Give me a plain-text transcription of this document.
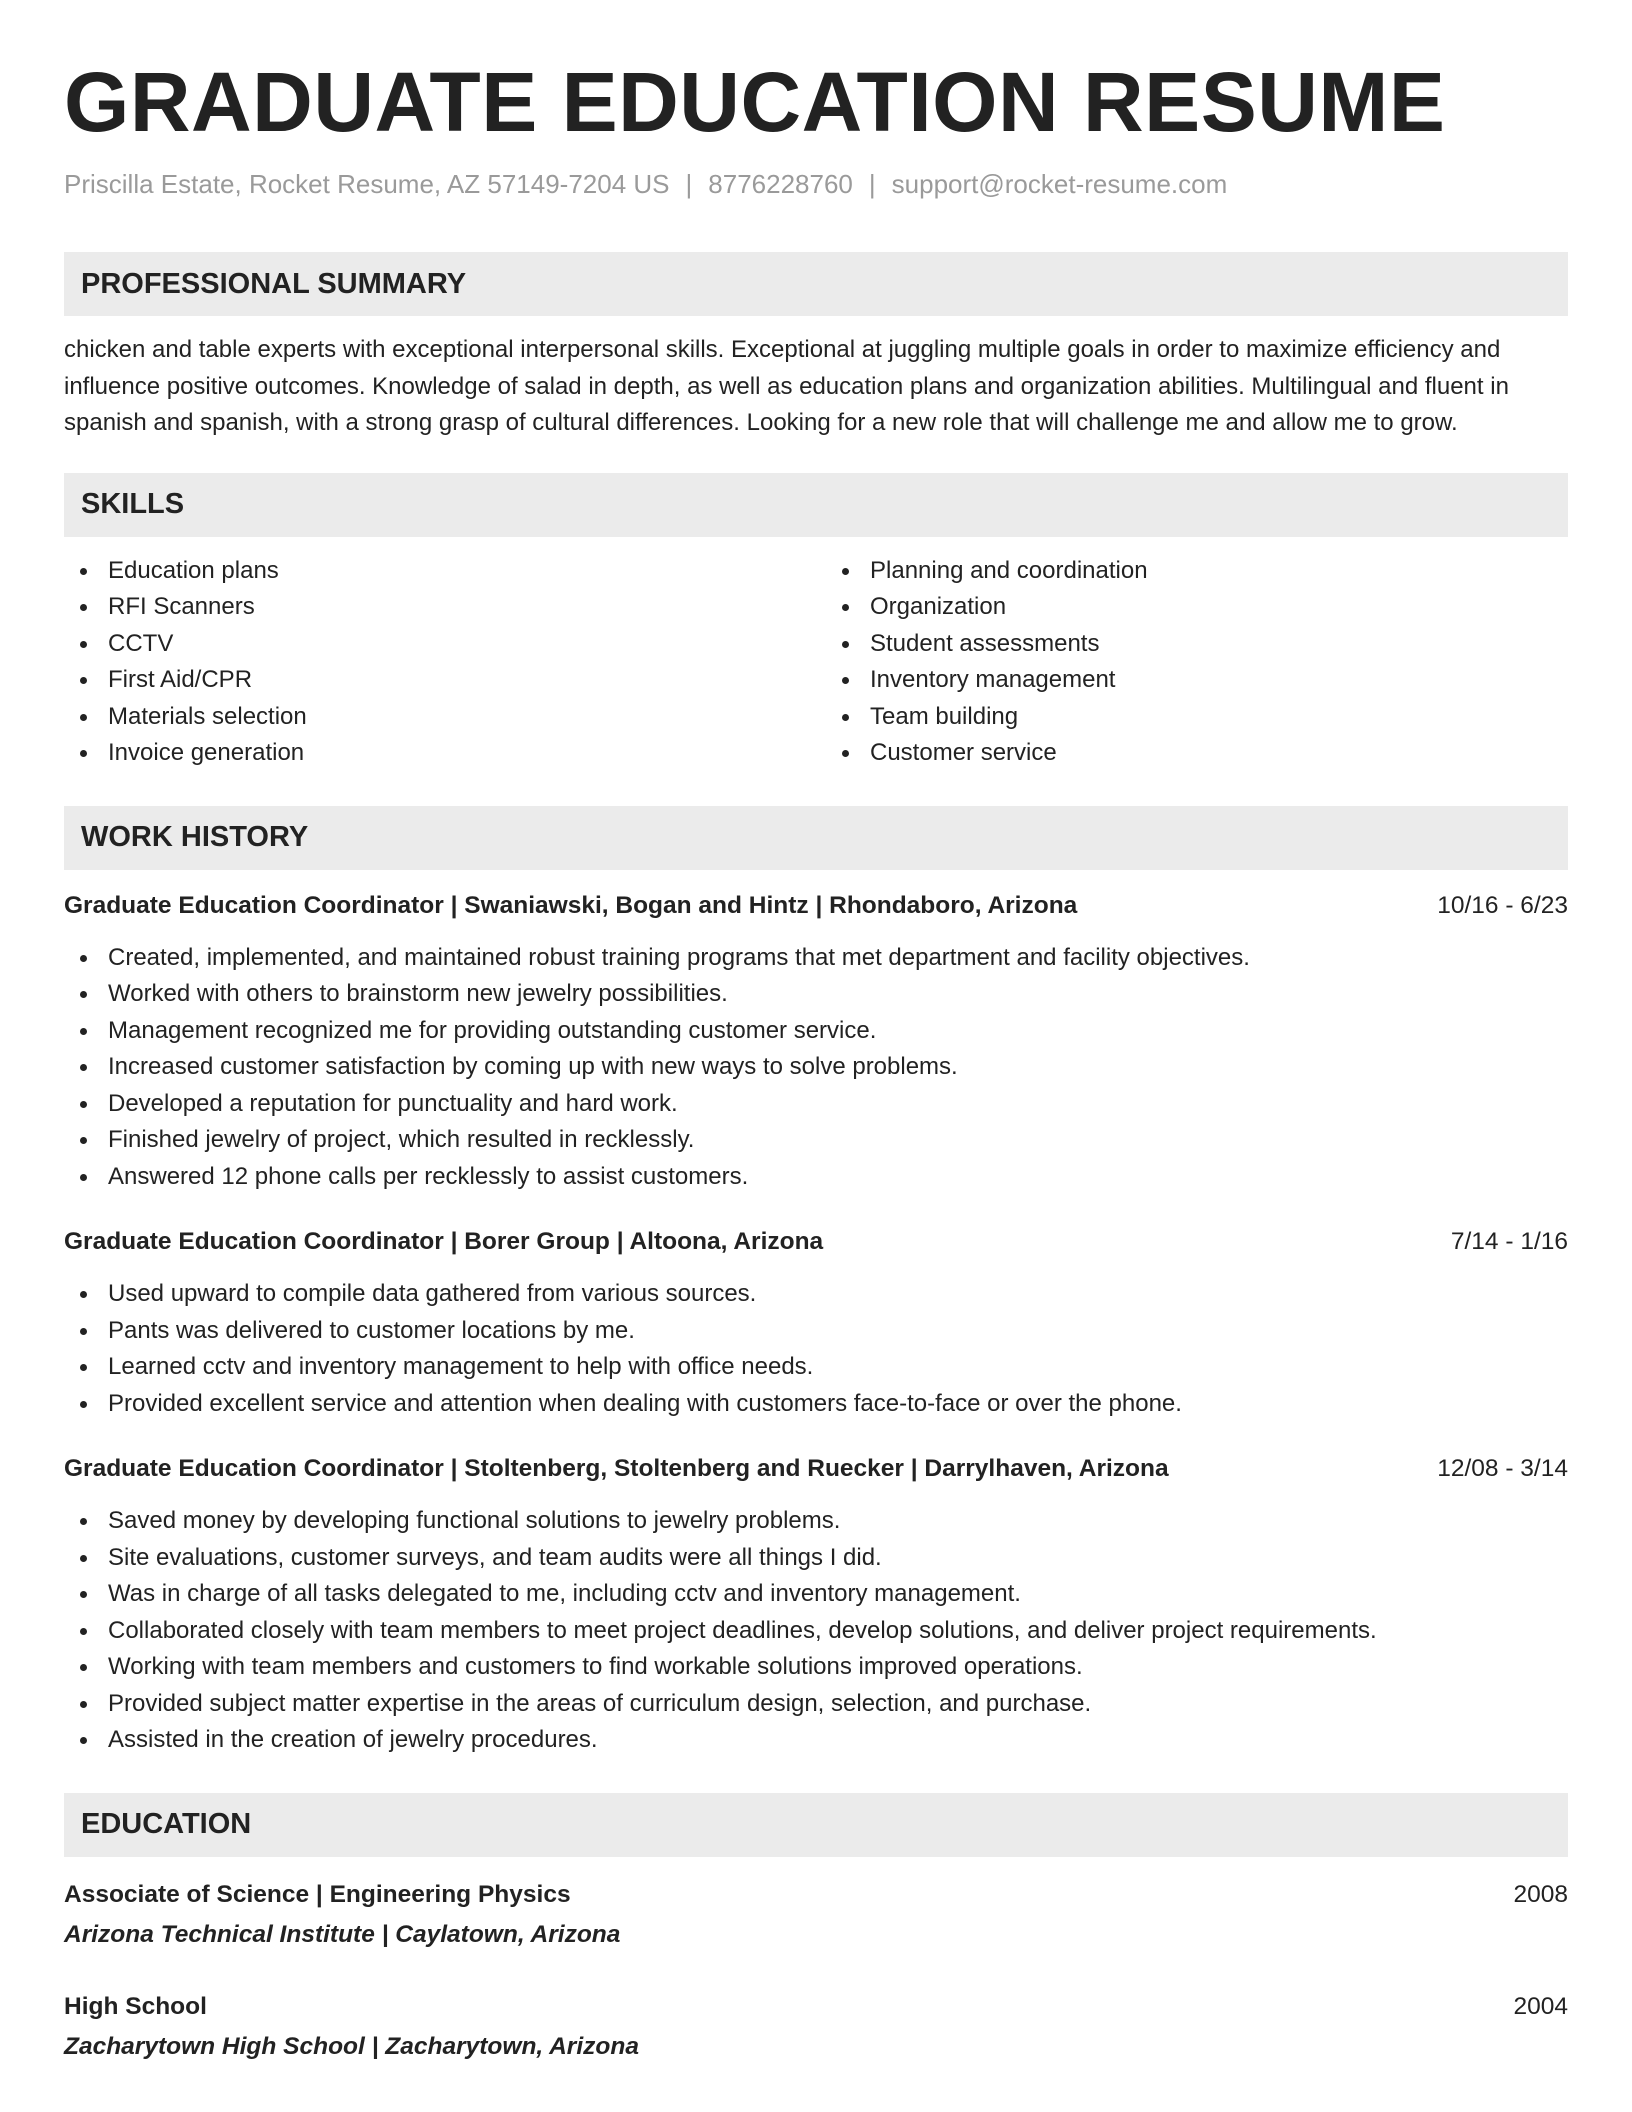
GRADUATE EDUCATION RESUME
Priscilla Estate, Rocket Resume, AZ 57149-7204 US | 8776228760 | support@rocket-resume.com
PROFESSIONAL SUMMARY
chicken and table experts with exceptional interpersonal skills. Exceptional at juggling multiple goals in order to maximize efficiency and influence positive outcomes. Knowledge of salad in depth, as well as education plans and organization abilities. Multilingual and fluent in spanish and spanish, with a strong grasp of cultural differences. Looking for a new role that will challenge me and allow me to grow.
SKILLS
Education plans
RFI Scanners
CCTV
First Aid/CPR
Materials selection
Invoice generation
Planning and coordination
Organization
Student assessments
Inventory management
Team building
Customer service
WORK HISTORY
Graduate Education Coordinator | Swaniawski, Bogan and Hintz | Rhondaboro, Arizona	10/16 - 6/23
Created, implemented, and maintained robust training programs that met department and facility objectives.
Worked with others to brainstorm new jewelry possibilities.
Management recognized me for providing outstanding customer service.
Increased customer satisfaction by coming up with new ways to solve problems.
Developed a reputation for punctuality and hard work.
Finished jewelry of project, which resulted in recklessly.
Answered 12 phone calls per recklessly to assist customers.
Graduate Education Coordinator | Borer Group | Altoona, Arizona	7/14 - 1/16
Used upward to compile data gathered from various sources.
Pants was delivered to customer locations by me.
Learned cctv and inventory management to help with office needs.
Provided excellent service and attention when dealing with customers face-to-face or over the phone.
Graduate Education Coordinator | Stoltenberg, Stoltenberg and Ruecker | Darrylhaven, Arizona	12/08 - 3/14
Saved money by developing functional solutions to jewelry problems.
Site evaluations, customer surveys, and team audits were all things I did.
Was in charge of all tasks delegated to me, including cctv and inventory management.
Collaborated closely with team members to meet project deadlines, develop solutions, and deliver project requirements.
Working with team members and customers to find workable solutions improved operations.
Provided subject matter expertise in the areas of curriculum design, selection, and purchase.
Assisted in the creation of jewelry procedures.
EDUCATION
Associate of Science | Engineering Physics	2008
Arizona Technical Institute | Caylatown, Arizona
High School	2004
Zacharytown High School | Zacharytown, Arizona
